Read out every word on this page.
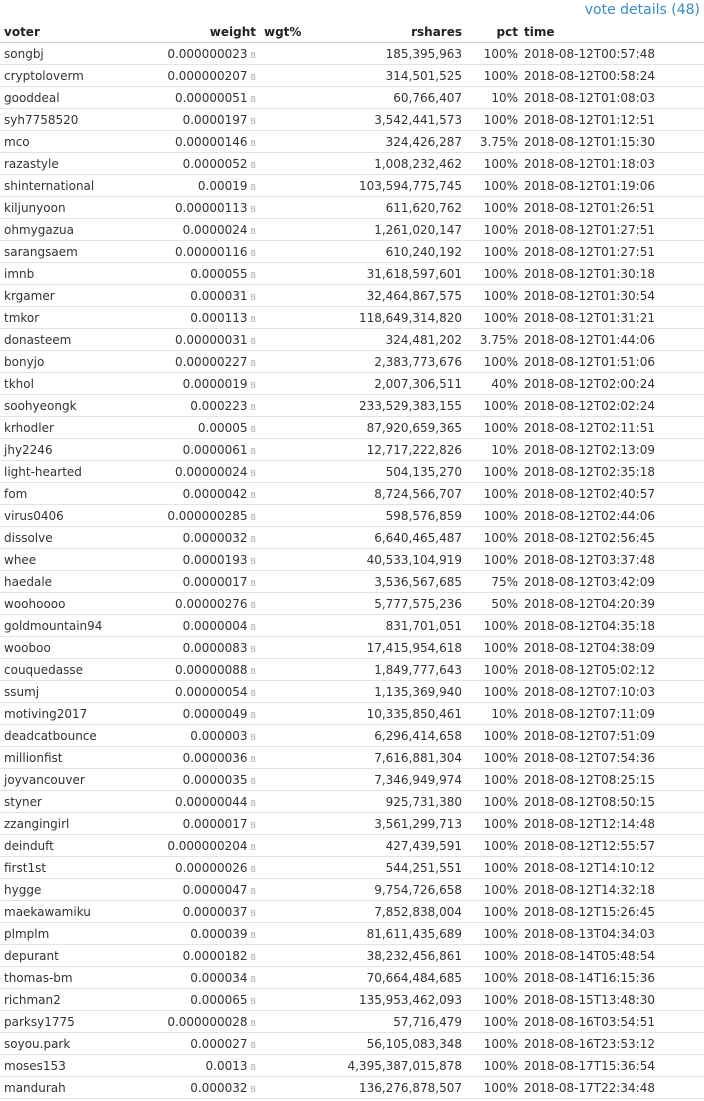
vote details (48)
voter	weight	wgt%	rshares	pct	time
songbj	0.000000023 B		185,395,963	100%	2018-08-12T00:57:48
cryptoloverm	0.000000207 B		314,501,525	100%	2018-08-12T00:58:24
gooddeal	0.00000051 B		60,766,407	10%	2018-08-12T01:08:03
syh7758520	0.0000197 B		3,542,441,573	100%	2018-08-12T01:12:51
mco	0.00000146 B		324,426,287	3.75%	2018-08-12T01:15:30
razastyle	0.0000052 B		1,008,232,462	100%	2018-08-12T01:18:03
shinternational	0.00019 B		103,594,775,745	100%	2018-08-12T01:19:06
kiljunyoon	0.00000113 B		611,620,762	100%	2018-08-12T01:26:51
ohmygazua	0.0000024 B		1,261,020,147	100%	2018-08-12T01:27:51
sarangsaem	0.00000116 B		610,240,192	100%	2018-08-12T01:27:51
imnb	0.000055 B		31,618,597,601	100%	2018-08-12T01:30:18
krgamer	0.000031 B		32,464,867,575	100%	2018-08-12T01:30:54
tmkor	0.000113 B		118,649,314,820	100%	2018-08-12T01:31:21
donasteem	0.00000031 B		324,481,202	3.75%	2018-08-12T01:44:06
bonyjo	0.00000227 B		2,383,773,676	100%	2018-08-12T01:51:06
tkhol	0.0000019 B		2,007,306,511	40%	2018-08-12T02:00:24
soohyeongk	0.000223 B		233,529,383,155	100%	2018-08-12T02:02:24
krhodler	0.00005 B		87,920,659,365	100%	2018-08-12T02:11:51
jhy2246	0.0000061 B		12,717,222,826	10%	2018-08-12T02:13:09
light-hearted	0.00000024 B		504,135,270	100%	2018-08-12T02:35:18
fom	0.0000042 B		8,724,566,707	100%	2018-08-12T02:40:57
virus0406	0.000000285 B		598,576,859	100%	2018-08-12T02:44:06
dissolve	0.0000032 B		6,640,465,487	100%	2018-08-12T02:56:45
whee	0.0000193 B		40,533,104,919	100%	2018-08-12T03:37:48
haedale	0.0000017 B		3,536,567,685	75%	2018-08-12T03:42:09
woohoooo	0.00000276 B		5,777,575,236	50%	2018-08-12T04:20:39
goldmountain94	0.0000004 B		831,701,051	100%	2018-08-12T04:35:18
wooboo	0.0000083 B		17,415,954,618	100%	2018-08-12T04:38:09
couquedasse	0.00000088 B		1,849,777,643	100%	2018-08-12T05:02:12
ssumj	0.00000054 B		1,135,369,940	100%	2018-08-12T07:10:03
motiving2017	0.0000049 B		10,335,850,461	10%	2018-08-12T07:11:09
deadcatbounce	0.000003 B		6,296,414,658	100%	2018-08-12T07:51:09
millionfist	0.0000036 B		7,616,881,304	100%	2018-08-12T07:54:36
joyvancouver	0.0000035 B		7,346,949,974	100%	2018-08-12T08:25:15
styner	0.00000044 B		925,731,380	100%	2018-08-12T08:50:15
zzangingirl	0.0000017 B		3,561,299,713	100%	2018-08-12T12:14:48
deinduft	0.000000204 B		427,439,591	100%	2018-08-12T12:55:57
first1st	0.00000026 B		544,251,551	100%	2018-08-12T14:10:12
hygge	0.0000047 B		9,754,726,658	100%	2018-08-12T14:32:18
maekawamiku	0.0000037 B		7,852,838,004	100%	2018-08-12T15:26:45
plmplm	0.000039 B		81,611,435,689	100%	2018-08-13T04:34:03
depurant	0.0000182 B		38,232,456,861	100%	2018-08-14T05:48:54
thomas-bm	0.000034 B		70,664,484,685	100%	2018-08-14T16:15:36
richman2	0.000065 B		135,953,462,093	100%	2018-08-15T13:48:30
parksy1775	0.000000028 B		57,716,479	100%	2018-08-16T03:54:51
soyou.park	0.000027 B		56,105,083,348	100%	2018-08-16T23:53:12
moses153	0.0013 B		4,395,387,015,878	100%	2018-08-17T15:36:54
mandurah	0.000032 B		136,276,878,507	100%	2018-08-17T22:34:48
